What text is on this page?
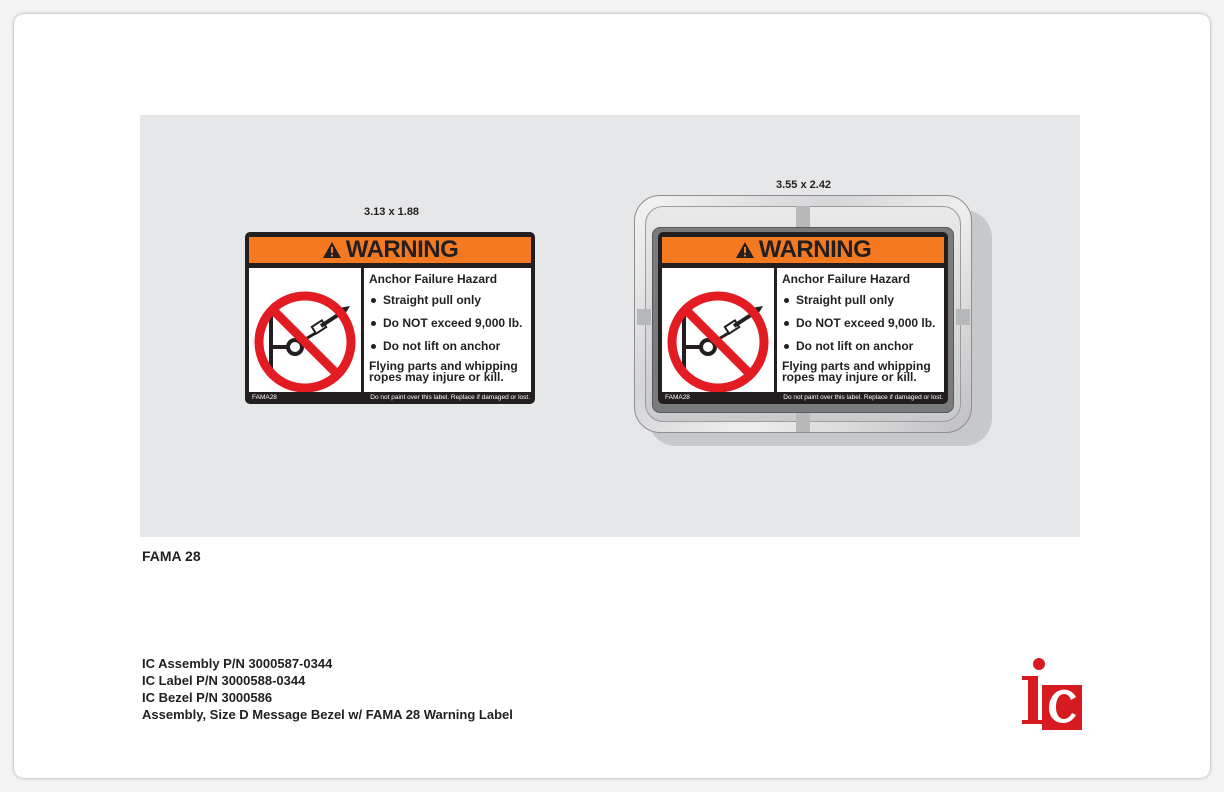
3.13 x 1.88
WARNING
Anchor Failure Hazard
Straight pull only
Do NOT exceed 9,000 lb.
Do not lift on anchor
Flying parts and whipping
ropes may injure or kill.
FAMA28	Do not paint over this label. Replace if damaged or lost.
3.55 x 2.42
WARNING
Anchor Failure Hazard
Straight pull only
Do NOT exceed 9,000 lb.
Do not lift on anchor
Flying parts and whipping
ropes may injure or kill.
FAMA28	Do not paint over this label. Replace if damaged or lost.
FAMA 28
IC Assembly P/N 3000587-0344
IC Label P/N 3000588-0344
IC Bezel P/N 3000586
Assembly, Size D Message Bezel w/ FAMA 28 Warning Label
